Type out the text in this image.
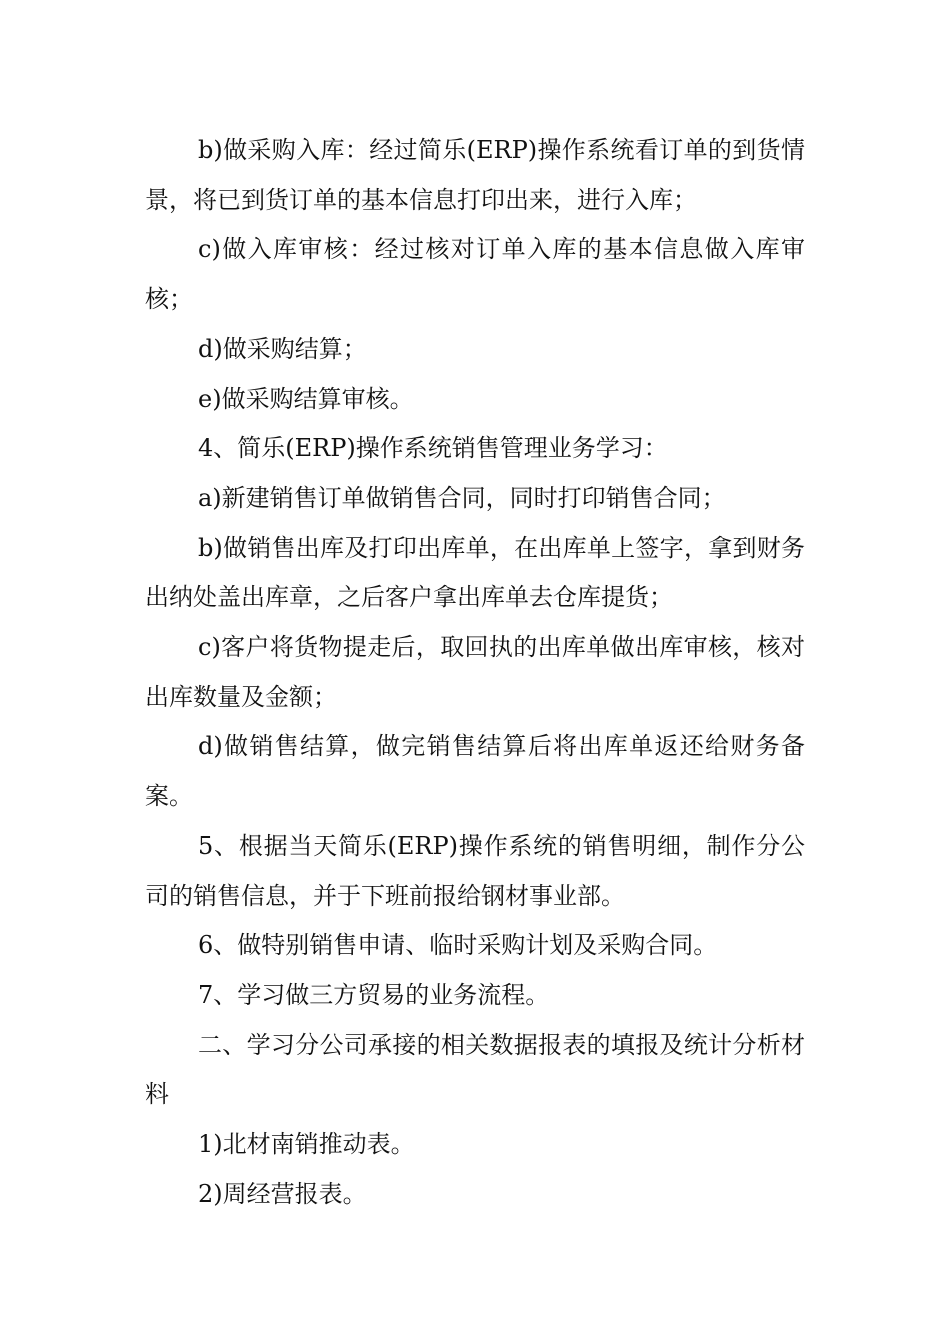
b)做采购入库：经过简乐(ERP)操作系统看订单的到货情景，将已到货订单的基本信息打印出来，进行入库；

c)做入库审核：经过核对订单入库的基本信息做入库审核；

d)做采购结算；

e)做采购结算审核。

4、简乐(ERP)操作系统销售管理业务学习：

a)新建销售订单做销售合同，同时打印销售合同；

b)做销售出库及打印出库单，在出库单上签字，拿到财务出纳处盖出库章，之后客户拿出库单去仓库提货；

c)客户将货物提走后，取回执的出库单做出库审核，核对出库数量及金额；

d)做销售结算，做完销售结算后将出库单返还给财务备案。

5、根据当天简乐(ERP)操作系统的销售明细，制作分公司的销售信息，并于下班前报给钢材事业部。

6、做特别销售申请、临时采购计划及采购合同。

7、学习做三方贸易的业务流程。

二、学习分公司承接的相关数据报表的填报及统计分析材料

1)北材南销推动表。

2)周经营报表。
